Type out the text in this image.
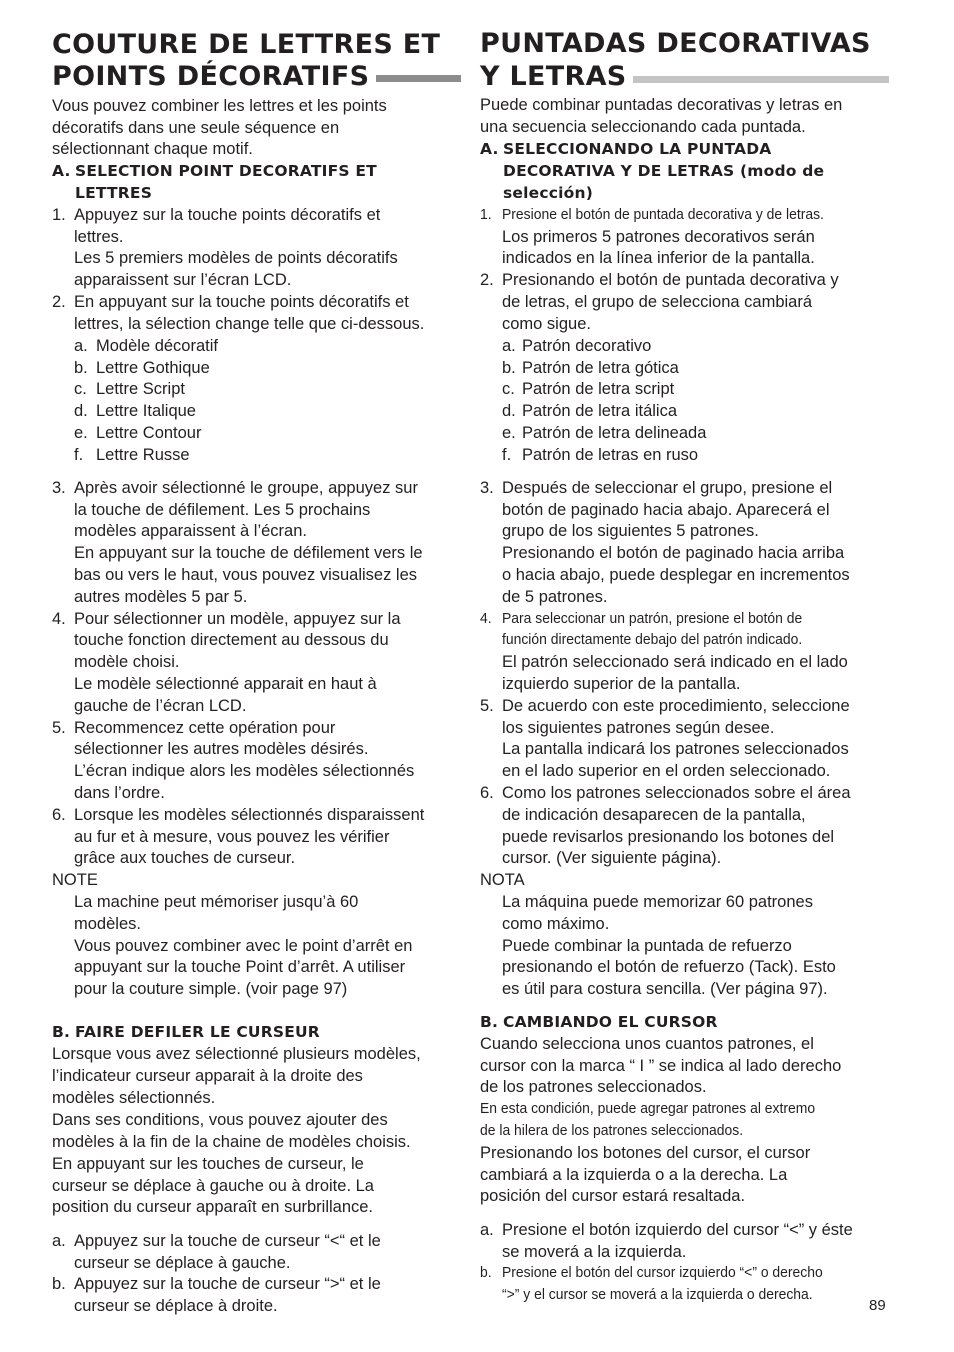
COUTURE DE LETTRES ET
POINTS DÉCORATIFS
Vous pouvez combiner les lettres et les points
décoratifs dans une seule séquence en
sélectionnant chaque motif.
A. SELECTION POINT DECORATIFS ET
LETTRES
1. Appuyez sur la touche points décoratifs et
lettres.
Les 5 premiers modèles de points décoratifs
apparaissent sur l’écran LCD.
2. En appuyant sur la touche points décoratifs et
lettres, la sélection change telle que ci-dessous.
a. Modèle décoratif
b. Lettre Gothique
c. Lettre Script
d. Lettre Italique
e. Lettre Contour
f. Lettre Russe
3. Après avoir sélectionné le groupe, appuyez sur
la touche de défilement. Les 5 prochains
modèles apparaissent à l’écran.
En appuyant sur la touche de défilement vers le
bas ou vers le haut, vous pouvez visualisez les
autres modèles 5 par 5.
4. Pour sélectionner un modèle, appuyez sur la
touche fonction directement au dessous du
modèle choisi.
Le modèle sélectionné apparait en haut à
gauche de l’écran LCD.
5. Recommencez cette opération pour
sélectionner les autres modèles désirés.
L’écran indique alors les modèles sélectionnés
dans l’ordre.
6. Lorsque les modèles sélectionnés disparaissent
au fur et à mesure, vous pouvez les vérifier
grâce aux touches de curseur.
NOTE
La machine peut mémoriser jusqu’à 60
modèles.
Vous pouvez combiner avec le point d’arrêt en
appuyant sur la touche Point d’arrêt. A utiliser
pour la couture simple. (voir page 97)
B. FAIRE DEFILER LE CURSEUR
Lorsque vous avez sélectionné plusieurs modèles,
l’indicateur curseur apparait à la droite des
modèles sélectionnés.
Dans ses conditions, vous pouvez ajouter des
modèles à la fin de la chaine de modèles choisis.
En appuyant sur les touches de curseur, le
curseur se déplace à gauche ou à droite. La
position du curseur apparaît en surbrillance.
a. Appuyez sur la touche de curseur “<“ et le
curseur se déplace à gauche.
b. Appuyez sur la touche de curseur “>“ et le
curseur se déplace à droite.
PUNTADAS DECORATIVAS
Y LETRAS
Puede combinar puntadas decorativas y letras en
una secuencia seleccionando cada puntada.
A. SELECCIONANDO LA PUNTADA
DECORATIVA Y DE LETRAS (modo de
selección)
1. Presione el botón de puntada decorativa y de letras.
Los primeros 5 patrones decorativos serán
indicados en la línea inferior de la pantalla.
2. Presionando el botón de puntada decorativa y
de letras, el grupo de selecciona cambiará
como sigue.
a. Patrón decorativo
b. Patrón de letra gótica
c. Patrón de letra script
d. Patrón de letra itálica
e. Patrón de letra delineada
f. Patrón de letras en ruso
3. Después de seleccionar el grupo, presione el
botón de paginado hacia abajo. Aparecerá el
grupo de los siguientes 5 patrones.
Presionando el botón de paginado hacia arriba
o hacia abajo, puede desplegar en incrementos
de 5 patrones.
4. Para seleccionar un patrón, presione el botón de
función directamente debajo del patrón indicado.
El patrón seleccionado será indicado en el lado
izquierdo superior de la pantalla.
5. De acuerdo con este procedimiento, seleccione
los siguientes patrones según desee.
La pantalla indicará los patrones seleccionados
en el lado superior en el orden seleccionado.
6. Como los patrones seleccionados sobre el área
de indicación desaparecen de la pantalla,
puede revisarlos presionando los botones del
cursor. (Ver siguiente página).
NOTA
La máquina puede memorizar 60 patrones
como máximo.
Puede combinar la puntada de refuerzo
presionando el botón de refuerzo (Tack). Esto
es útil para costura sencilla. (Ver página 97).
B. CAMBIANDO EL CURSOR
Cuando selecciona unos cuantos patrones, el
cursor con la marca “ I ” se indica al lado derecho
de los patrones seleccionados.
En esta condición, puede agregar patrones al extremo
de la hilera de los patrones seleccionados.
Presionando los botones del cursor, el cursor
cambiará a la izquierda o a la derecha. La
posición del cursor estará resaltada.
a. Presione el botón izquierdo del cursor “<” y éste
se moverá a la izquierda.
b. Presione el botón del cursor izquierdo “<” o derecho
“>” y el cursor se moverá a la izquierda o derecha.
89
